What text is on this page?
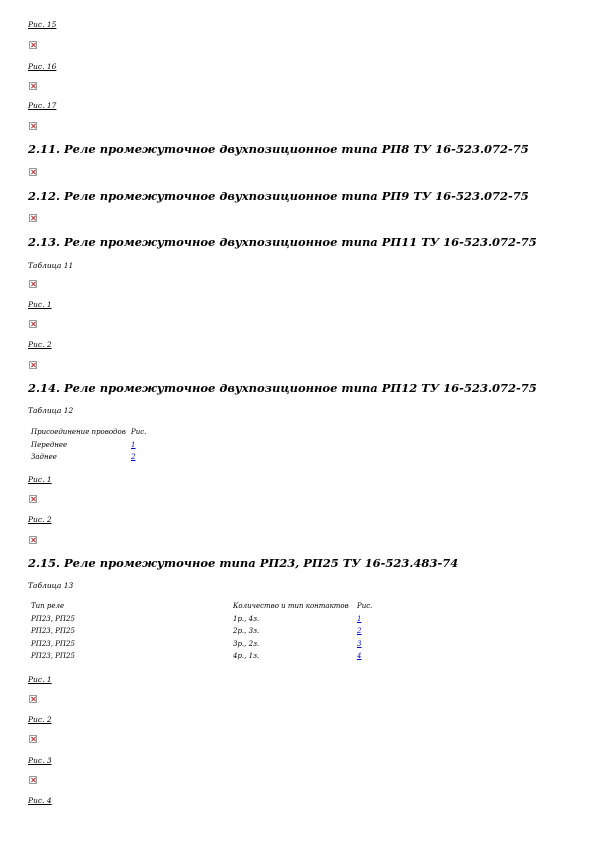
Рис. 15
Рис. 16
Рис. 17
2.11. Реле промежуточное двухпозиционное типа РП8 ТУ 16-523.072-75
2.12. Реле промежуточное двухпозиционное типа РП9 ТУ 16-523.072-75
2.13. Реле промежуточное двухпозиционное типа РП11 ТУ 16-523.072-75
Таблица 11
Рис. 1
Рис. 2
2.14. Реле промежуточное двухпозиционное типа РП12 ТУ 16-523.072-75
Таблица 12
Присоединение проводов	Рис.
Переднее	1
Заднее	2
Рис. 1
Рис. 2
2.15. Реле промежуточное типа РП23, РП25 ТУ 16-523.483-74
Таблица 13
Тип реле	Количество и тип контактов	Рис.
РП23, РП25	1р., 4з.	1
РП23, РП25	2р., 3з.	2
РП23, РП25	3р., 2з.	3
РП23, РП25	4р., 1з.	4
Рис. 1
Рис. 2
Рис. 3
Рис. 4
